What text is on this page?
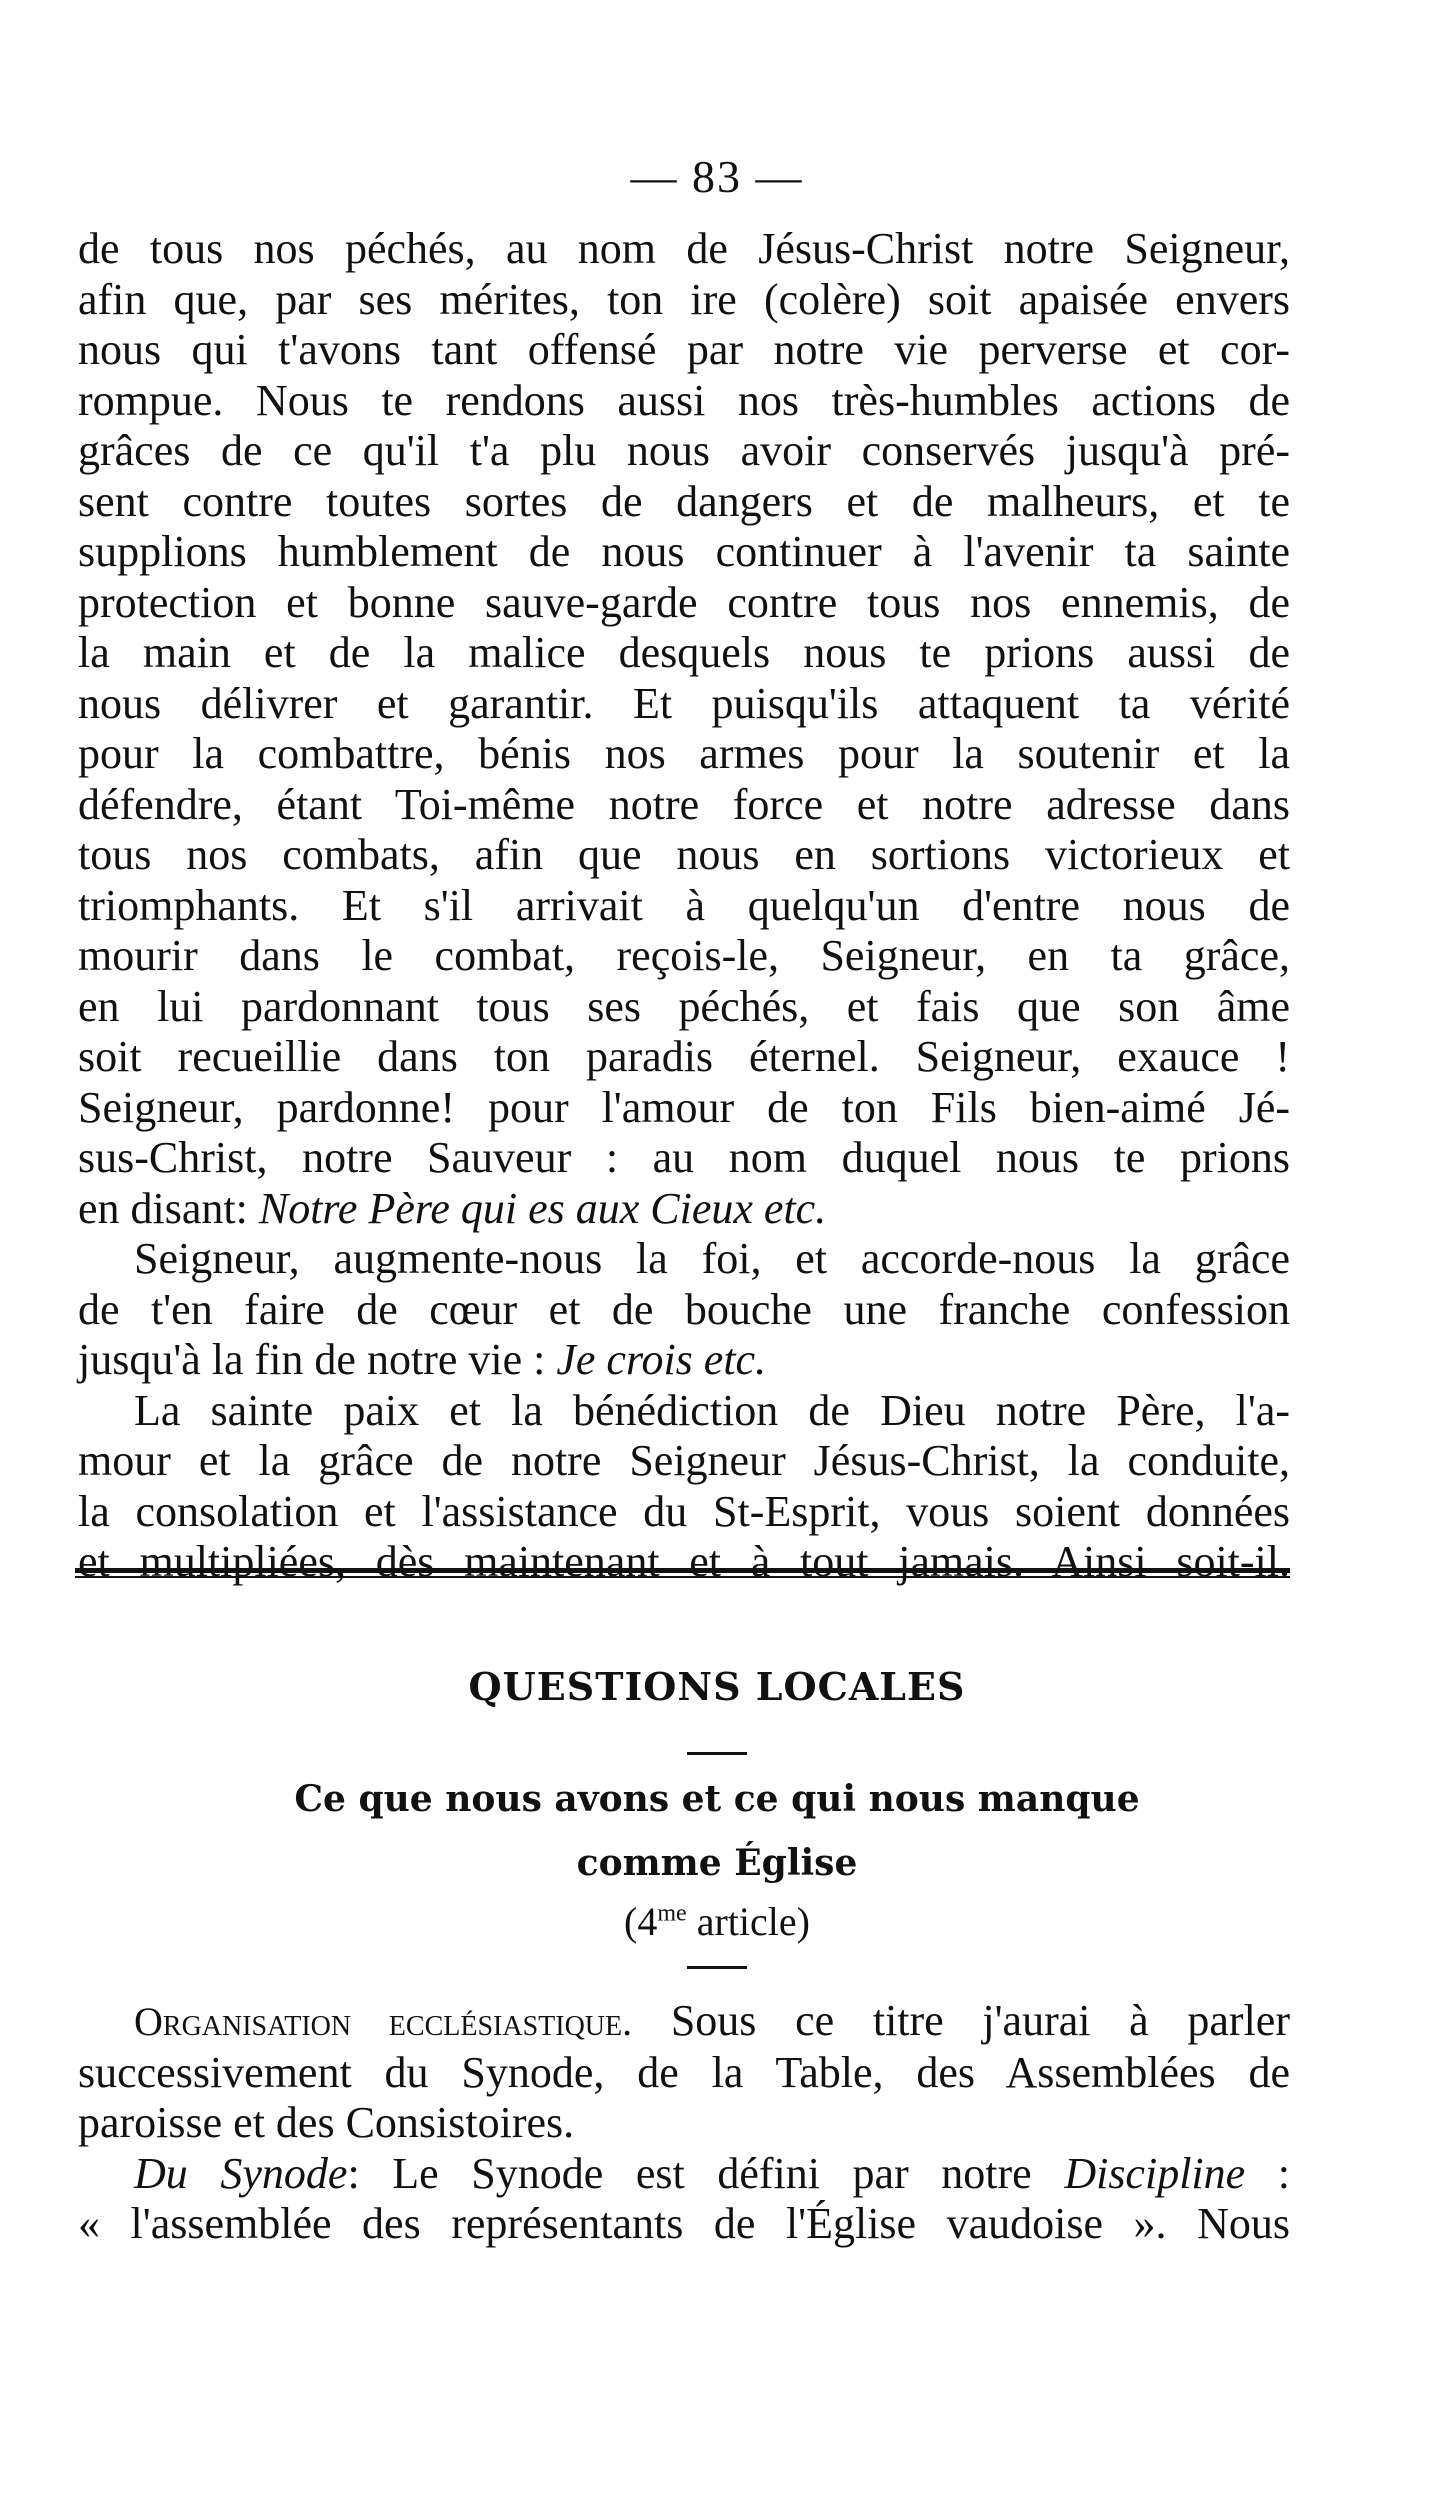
— 83 —
de tous nos péchés, au nom de Jésus-Christ notre Seigneur,
afin que, par ses mérites, ton ire (colère) soit apaisée envers
nous qui t'avons tant offensé par notre vie perverse et cor-
rompue. Nous te rendons aussi nos très-humbles actions de
grâces de ce qu'il t'a plu nous avoir conservés jusqu'à pré-
sent contre toutes sortes de dangers et de malheurs, et te
supplions humblement de nous continuer à l'avenir ta sainte
protection et bonne sauve-garde contre tous nos ennemis, de
la main et de la malice desquels nous te prions aussi de
nous délivrer et garantir. Et puisqu'ils attaquent ta vérité
pour la combattre, bénis nos armes pour la soutenir et la
défendre, étant Toi-même notre force et notre adresse dans
tous nos combats, afin que nous en sortions victorieux et
triomphants. Et s'il arrivait à quelqu'un d'entre nous de
mourir dans le combat, reçois-le, Seigneur, en ta grâce,
en lui pardonnant tous ses péchés, et fais que son âme
soit recueillie dans ton paradis éternel. Seigneur, exauce !
Seigneur, pardonne! pour l'amour de ton Fils bien-aimé Jé-
sus-Christ, notre Sauveur : au nom duquel nous te prions
en disant: Notre Père qui es aux Cieux etc.
Seigneur, augmente-nous la foi, et accorde-nous la grâce
de t'en faire de cœur et de bouche une franche confession
jusqu'à la fin de notre vie : Je crois etc.
La sainte paix et la bénédiction de Dieu notre Père, l'a-
mour et la grâce de notre Seigneur Jésus-Christ, la conduite,
la consolation et l'assistance du St-Esprit, vous soient données
et multipliées, dès maintenant et à tout jamais. Ainsi soit-il.
QUESTIONS LOCALES
Ce que nous avons et ce qui nous manque
comme Église
($4^{me}$ article)
Organisation ecclésiastique. Sous ce titre j'aurai à parler
successivement du Synode, de la Table, des Assemblées de
paroisse et des Consistoires.
Du Synode: Le Synode est défini par notre Discipline :
« l'assemblée des représentants de l'Église vaudoise ». Nous
